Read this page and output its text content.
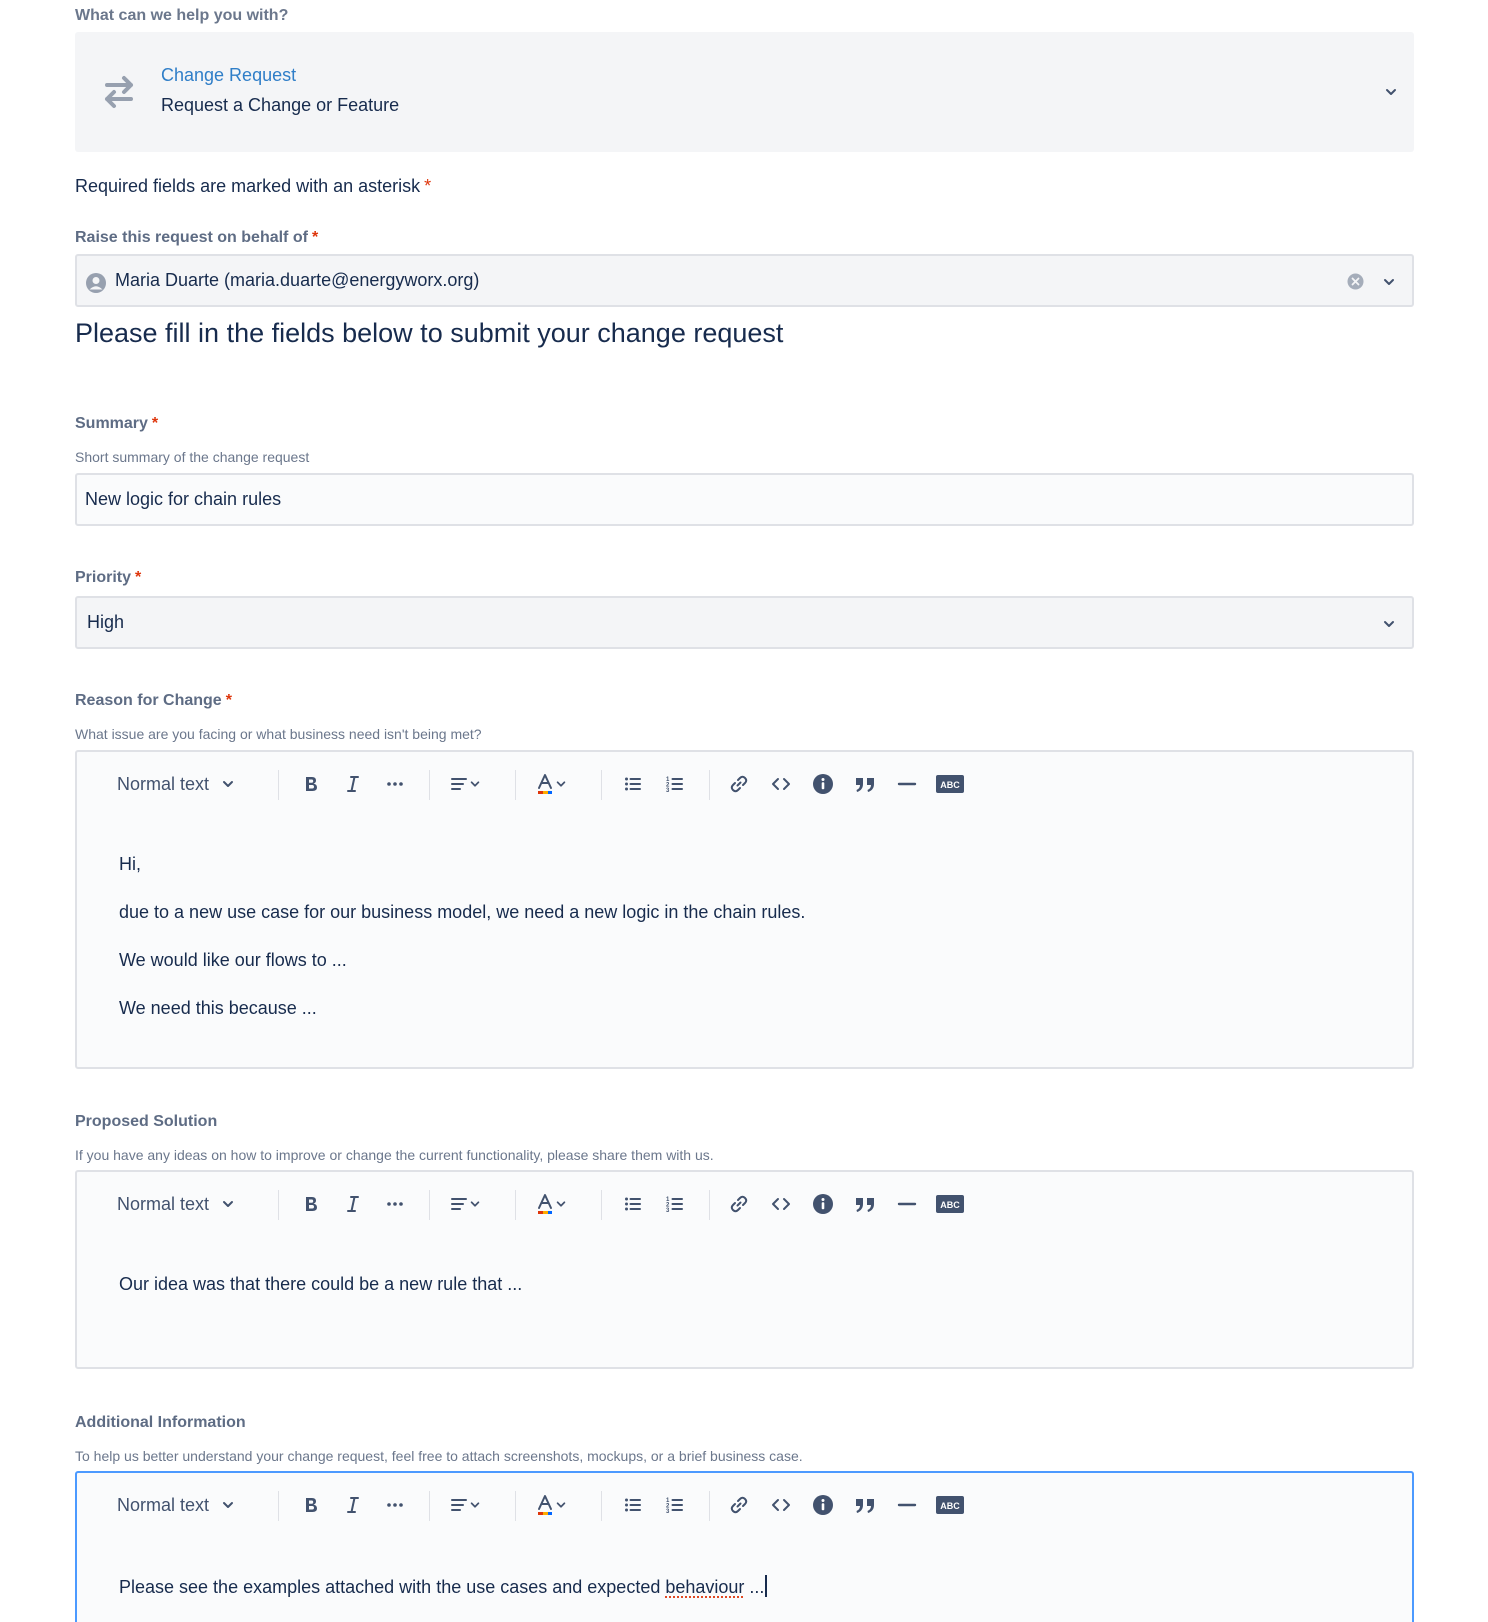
What can we help you with?
Change Request
Request a Change or Feature
Required fields are marked with an asterisk *
Raise this request on behalf of *
Maria Duarte (maria.duarte@energyworx.org)
Please fill in the fields below to submit your change request
Summary *
Short summary of the change request
New logic for chain rules
Priority *
High
Reason for Change *
What issue are you facing or what business need isn't being met?
Normal text	1
2
3
ABC

Hi,

due to a new use case for our business model, we need a new logic in the chain rules.

We would like our flows to ...

We need this because ...

Proposed Solution
If you have any ideas on how to improve or change the current functionality, please share them with us.
Normal text	1
2
3
ABC

Our idea was that there could be a new rule that ...

Additional Information
To help us better understand your change request, feel free to attach screenshots, mockups, or a brief business case.
Normal text	1
2
3
ABC

Please see the examples attached with the use cases and expected behaviour ...
